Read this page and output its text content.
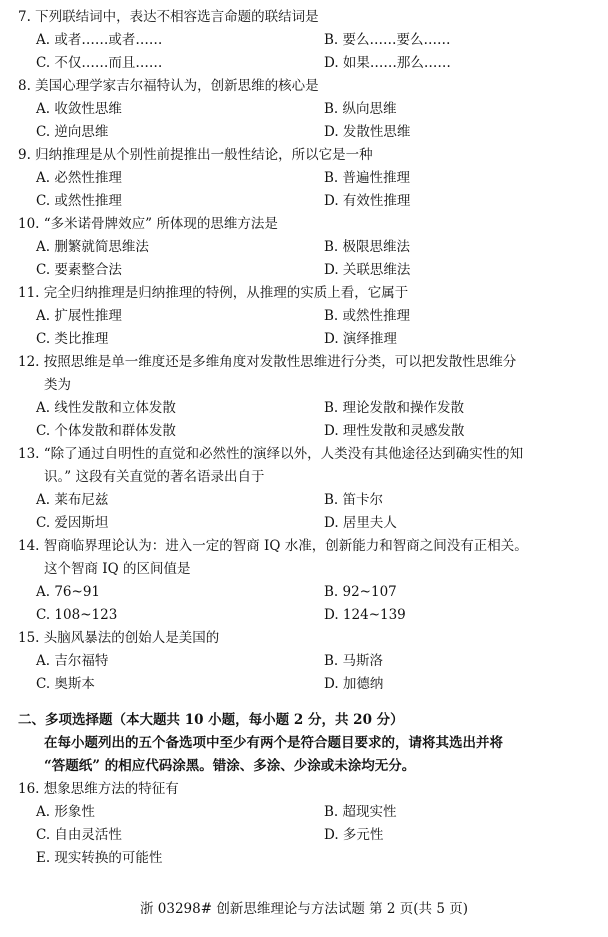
7. 下列联结词中，表达不相容选言命题的联结词是
A. 或者……或者……	B. 要么……要么……
C. 不仅……而且……	D. 如果……那么……
8. 美国心理学家吉尔福特认为，创新思维的核心是
A. 收敛性思维	B. 纵向思维
C. 逆向思维	D. 发散性思维
9. 归纳推理是从个别性前提推出一般性结论，所以它是一种
A. 必然性推理	B. 普遍性推理
C. 或然性推理	D. 有效性推理
10. “多米诺骨牌效应” 所体现的思维方法是
A. 删繁就简思维法	B. 极限思维法
C. 要素整合法	D. 关联思维法
11. 完全归纳推理是归纳推理的特例，从推理的实质上看，它属于
A. 扩展性推理	B. 或然性推理
C. 类比推理	D. 演绎推理
12. 按照思维是单一维度还是多维角度对发散性思维进行分类，可以把发散性思维分
类为
A. 线性发散和立体发散	B. 理论发散和操作发散
C. 个体发散和群体发散	D. 理性发散和灵感发散
13. “除了通过自明性的直觉和必然性的演绎以外，人类没有其他途径达到确实性的知
识。” 这段有关直觉的著名语录出自于
A. 莱布尼兹	B. 笛卡尔
C. 爱因斯坦	D. 居里夫人
14. 智商临界理论认为：进入一定的智商 IQ 水准，创新能力和智商之间没有正相关。
这个智商 IQ 的区间值是
A. 76~91	B. 92~107
C. 108~123	D. 124~139
15. 头脑风暴法的创始人是美国的
A. 吉尔福特	B. 马斯洛
C. 奥斯本	D. 加德纳
二、多项选择题（本大题共 10 小题，每小题 2 分，共 20 分）
在每小题列出的五个备选项中至少有两个是符合题目要求的，请将其选出并将
“答题纸” 的相应代码涂黑。错涂、多涂、少涂或未涂均无分。
16. 想象思维方法的特征有
A. 形象性	B. 超现实性
C. 自由灵活性	D. 多元性
E. 现实转换的可能性
浙 03298# 创新思维理论与方法试题 第 2 页(共 5 页)
